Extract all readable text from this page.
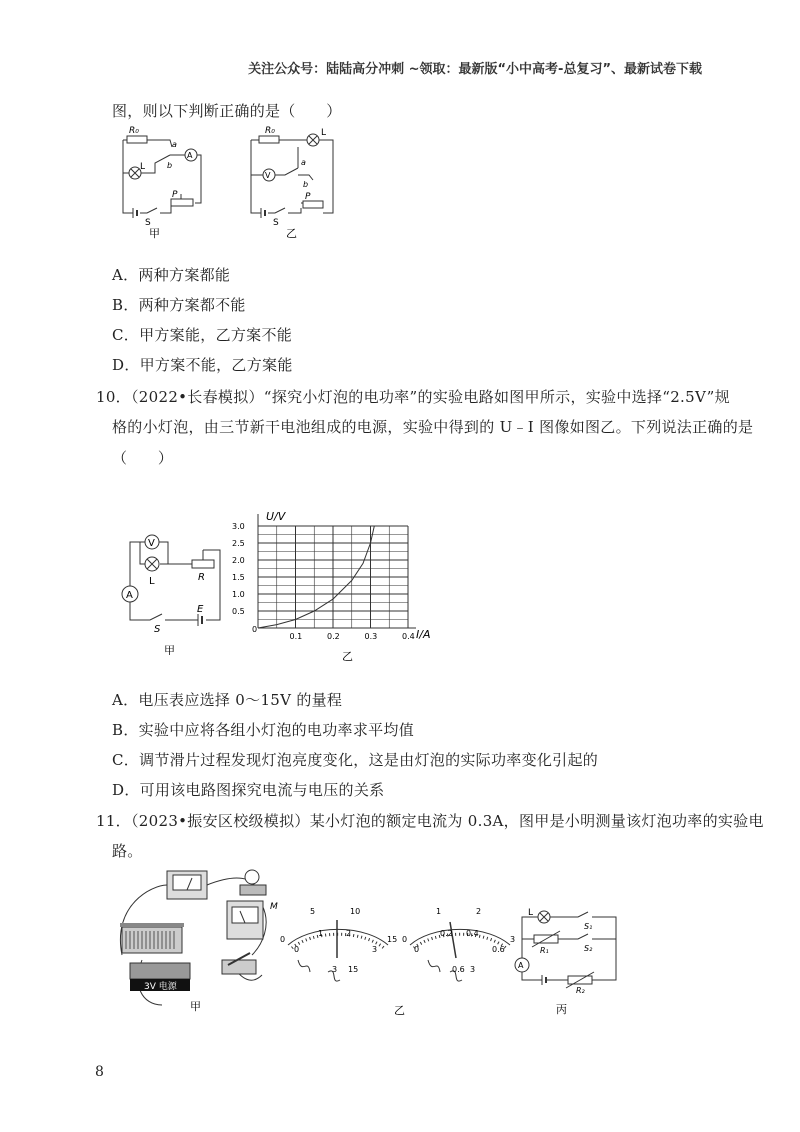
关注公众号：陆陆高分冲刺 ~领取：最新版“小中高考-总复习”、最新试卷下载
图，则以下判断正确的是（　　）
R₀
L
a
b
A
S
P
甲
R₀	L
a
b
V
S
P
乙
A．两种方案都能
B．两种方案都不能
C．甲方案能，乙方案不能
D．甲方案不能，乙方案能
10．（2022•长春模拟）“探究小灯泡的电功率”的实验电路如图甲所示，实验中选择“2.5V”规
格的小灯泡，由三节新干电池组成的电源，实验中得到的 U﹣I 图像如图乙。下列说法正确的是
（　　）
V
L	R
A
E
S
甲
U/V
I/A
0
0.5
1.0
1.5
2.0
2.5
3.0
0.1	0.2	0.3	0.4
乙
A．电压表应选择 0～15V 的量程
B．实验中应将各组小灯泡的电功率求平均值
C．调节滑片过程发现灯泡亮度变化，这是由灯泡的实际功率变化引起的
D．可用该电路图探究电流与电压的关系
11．（2023•振安区校级模拟）某小灯泡的额定电流为 0.3A，图甲是小明测量该灯泡功率的实验电
路。
M
3V 电源
甲
0
5	10
15
0
1	2
3
3 15
0
1	2
3
0
0.2 0.4
0.6
0.6 3
乙
L
S₁
R₁	S₂
R₂
A
丙
8
